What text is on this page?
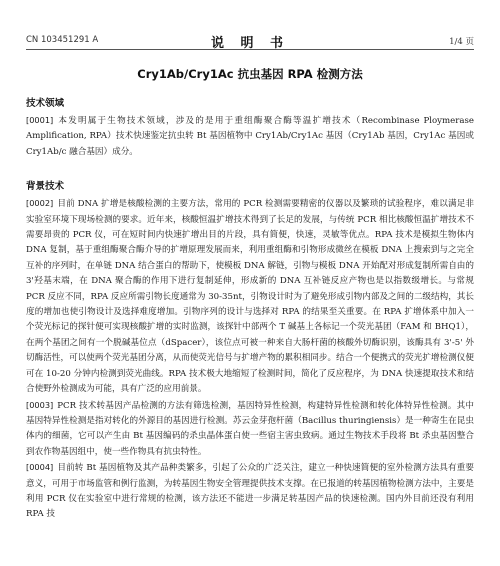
CN 103451291 A	说 明 书	1/4 页
Cry1Ab/Cry1Ac 抗虫基因 RPA 检测方法
技术领域

[0001] 本发明属于生物技术领域，涉及的是用于重组酶聚合酶等温扩增技术（Recombinase Ploymerase Amplification, RPA）技术快速鉴定抗虫转 Bt 基因植物中 Cry1Ab/Cry1Ac 基因（Cry1Ab 基因，Cry1Ac 基因或 Cry1Ab/c 融合基因）成分。

背景技术

[0002] 目前 DNA 扩增是核酸检测的主要方法，常用的 PCR 检测需要精密的仪器以及繁琐的试验程序，难以满足非实验室环境下现场检测的要求。近年来，核酸恒温扩增技术得到了长足的发展，与传统 PCR 相比核酸恒温扩增技术不需要昂贵的 PCR 仪，可在短时间内快速扩增出目的片段，具有简便，快速，灵敏等优点。RPA 技术是模拟生物体内 DNA 复制，基于重组酶聚合酶介导的扩增原理发展而来，利用重组酶和引物形成微丝在模板 DNA 上搜索到与之完全互补的序列时，在单链 DNA 结合蛋白的帮助下，使模板 DNA 解链，引物与模板 DNA 开始配对形成复制所需自由的 3'羟基末端，在 DNA 聚合酶的作用下进行复制延伸，形成新的 DNA 互补链反应产物也是以指数级增长。与常规 PCR 反应不同，RPA 反应所需引物长度通常为 30-35nt，引物设计时为了避免形成引物内部及之间的二级结构，其长度的增加也使引物设计及选择难度增加。引物序列的设计与选择对 RPA 的结果至关重要。在 RPA 扩增体系中加入一个荧光标记的探针便可实现核酸扩增的实时监测，该探针中部两个 T 碱基上各标记一个荧光基团（FAM 和 BHQ1），在两个基团之间有一个脱碱基位点（dSpacer），该位点可被一种来自大肠杆菌的核酸外切酶识别，该酶具有 3'-5' 外切酶活性，可以使两个荧光基团分离，从而使荧光信号与扩增产物的累积相同步。结合一个便携式的荧光扩增检测仪便可在 10-20 分钟内检测到荧光曲线。RPA 技术极大地缩短了检测时间，简化了反应程序，为 DNA 快速提取技术和结合使野外检测成为可能，具有广泛的应用前景。

[0003] PCR 技术转基因产品检测的方法有筛选检测，基因特异性检测，构建特异性检测和转化体特异性检测。其中基因特异性检测是指对转化的外源目的基因进行检测。苏云金芽孢杆菌（Bacillus thuringiensis）是一种寄生在昆虫体内的细菌，它可以产生由 Bt 基因编码的杀虫晶体蛋白使一些宿主害虫致病。通过生物技术手段将 Bt 杀虫基因整合到农作物基因组中，使一些作物具有抗虫特性。

[0004] 目前转 Bt 基因植物及其产品种类繁多，引起了公众的广泛关注，建立一种快速简便的室外检测方法具有重要意义，可用于市场监管和例行监测，为转基因生物安全管理提供技术支撑。在已报道的转基因植物检测方法中，主要是利用 PCR 仪在实验室中进行常规的检测，该方法还不能进一步满足转基因产品的快速检测。国内外目前还没有利用 RPA 技
